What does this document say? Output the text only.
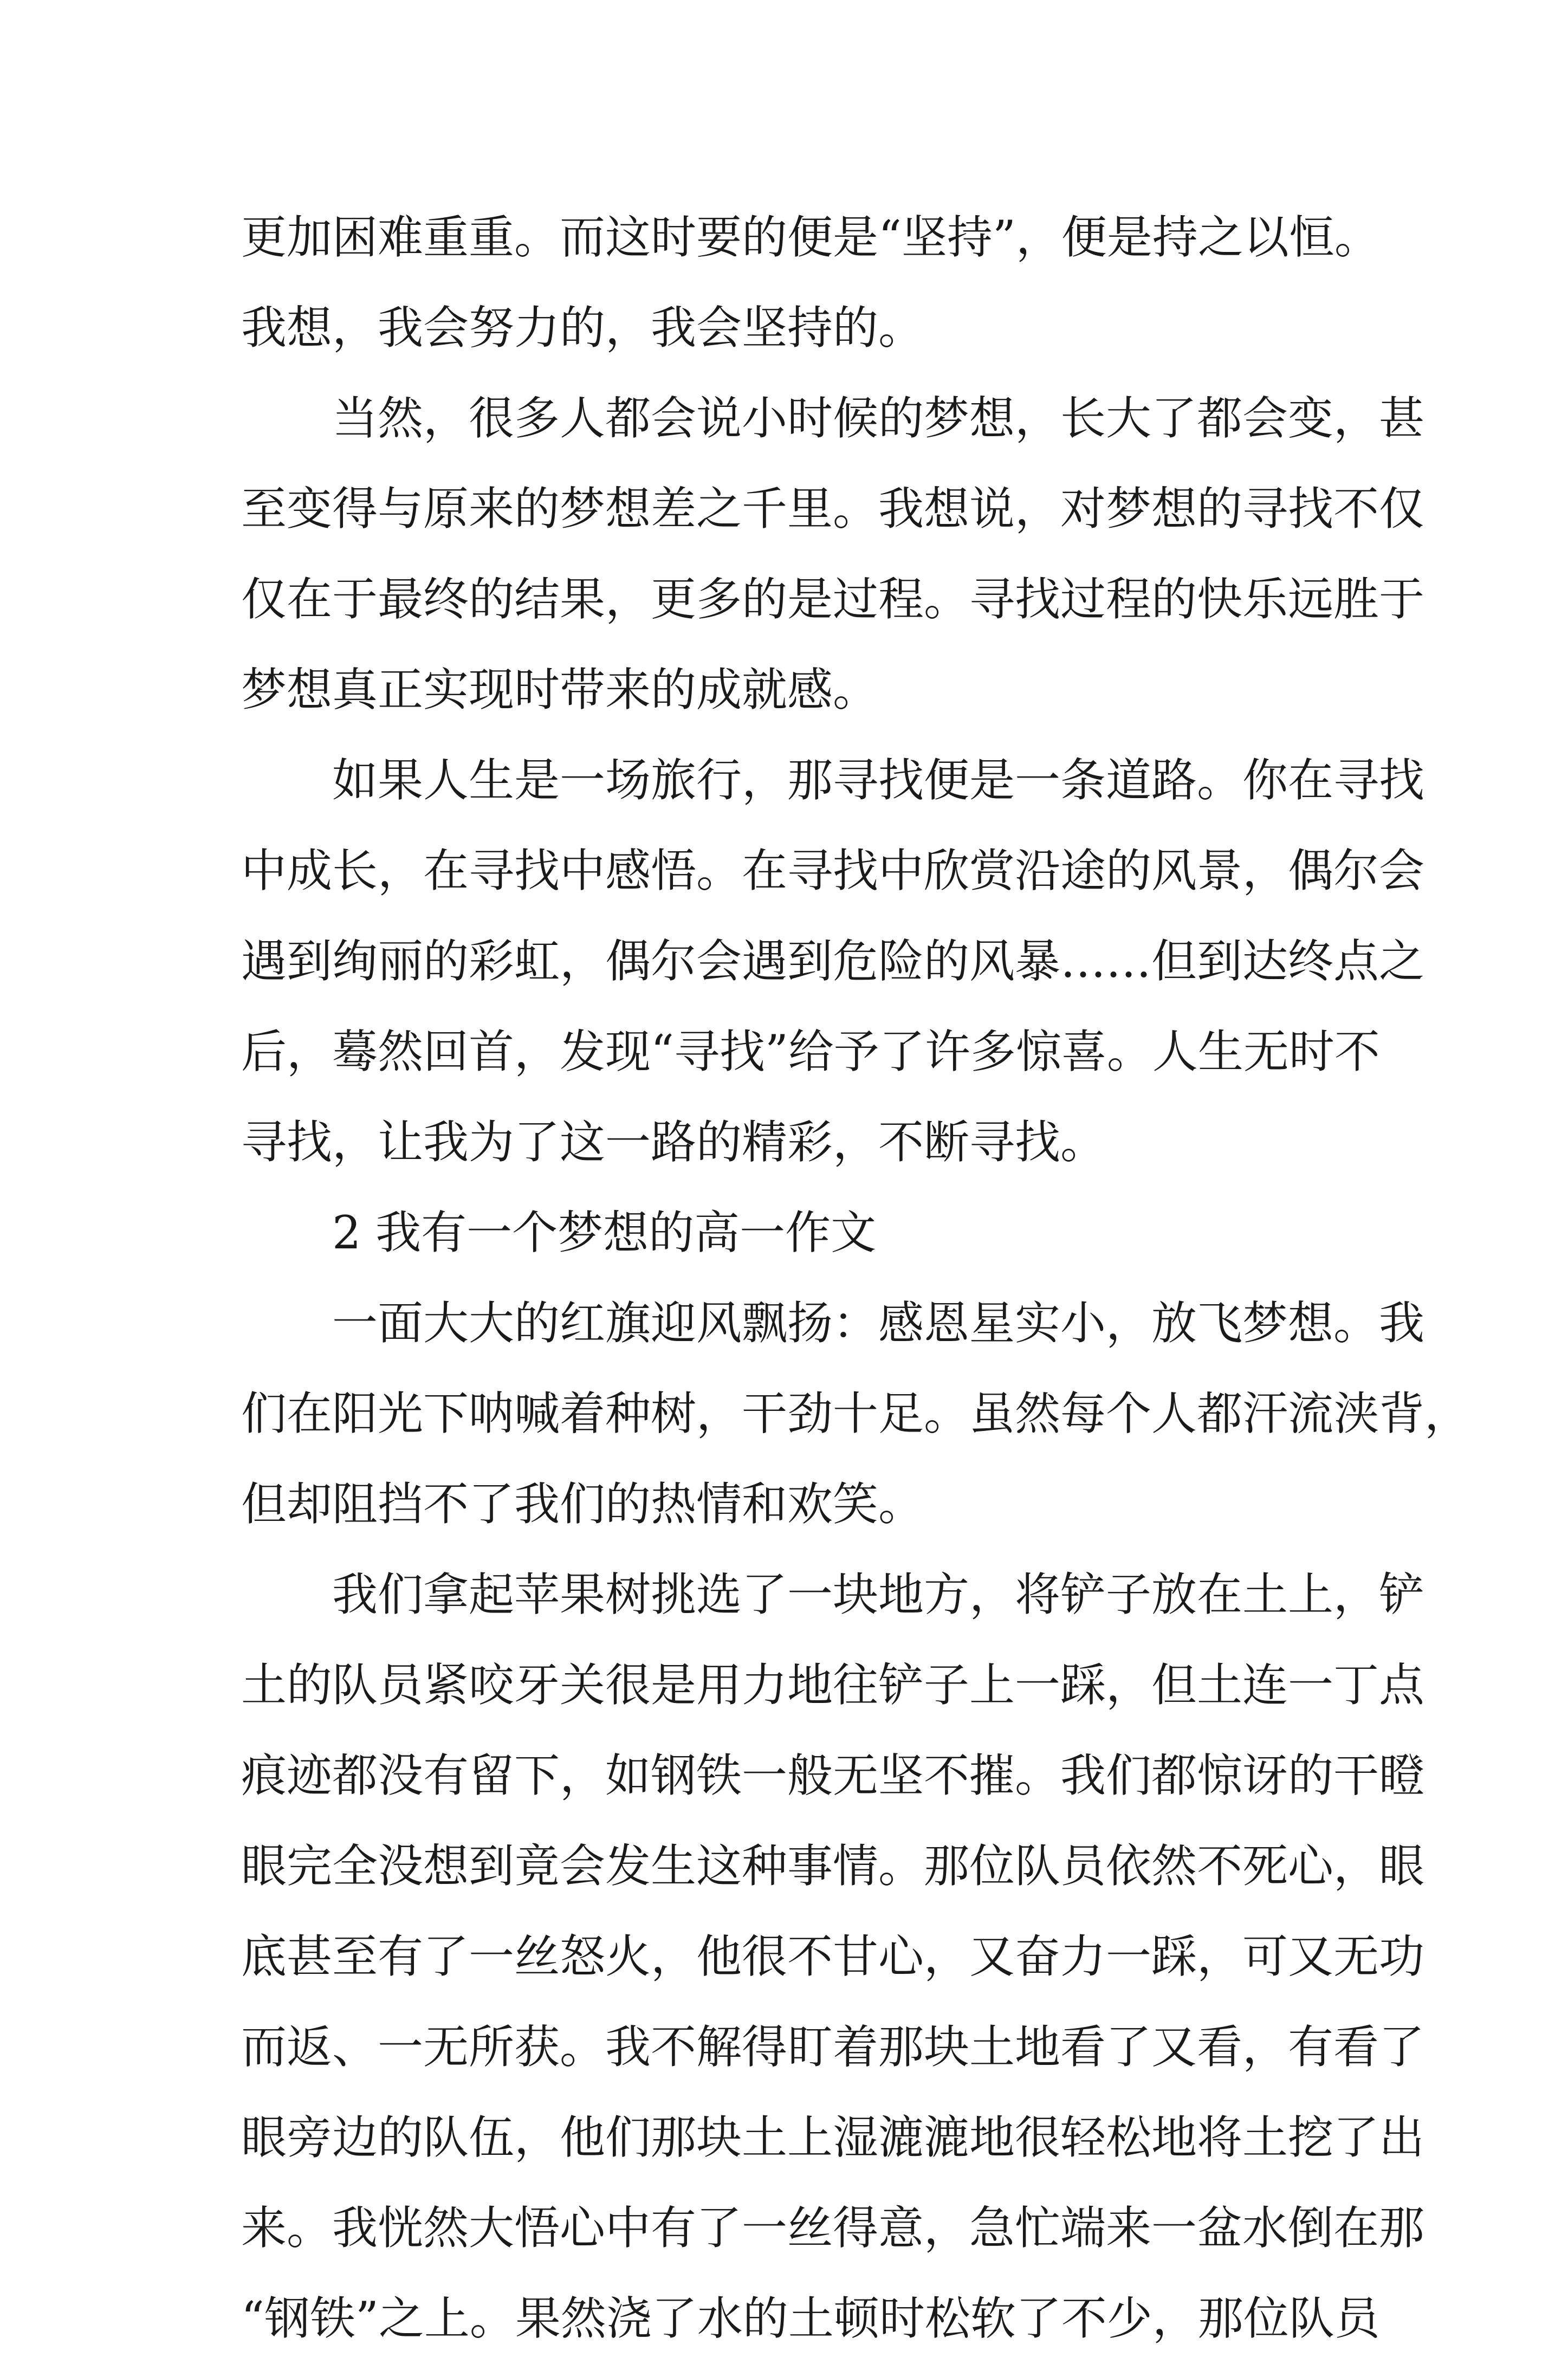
更加困难重重。而这时要的便是“坚持”，便是持之以恒。
我想，我会努力的，我会坚持的。
当然，很多人都会说小时候的梦想，长大了都会变，甚
至变得与原来的梦想差之千里。我想说，对梦想的寻找不仅
仅在于最终的结果，更多的是过程。寻找过程的快乐远胜于
梦想真正实现时带来的成就感。
如果人生是一场旅行，那寻找便是一条道路。你在寻找
中成长，在寻找中感悟。在寻找中欣赏沿途的风景，偶尔会
遇到绚丽的彩虹，偶尔会遇到危险的风暴……但到达终点之
后，蓦然回首，发现“寻找”给予了许多惊喜。人生无时不
寻找，让我为了这一路的精彩，不断寻找。
2 我有一个梦想的高一作文
一面大大的红旗迎风飘扬：感恩星实小，放飞梦想。我
们在阳光下呐喊着种树，干劲十足。虽然每个人都汗流浃背，
但却阻挡不了我们的热情和欢笑。
我们拿起苹果树挑选了一块地方，将铲子放在土上，铲
土的队员紧咬牙关很是用力地往铲子上一踩，但土连一丁点
痕迹都没有留下，如钢铁一般无坚不摧。我们都惊讶的干瞪
眼完全没想到竟会发生这种事情。那位队员依然不死心，眼
底甚至有了一丝怒火，他很不甘心，又奋力一踩，可又无功
而返、一无所获。我不解得盯着那块土地看了又看，有看了
眼旁边的队伍，他们那块土上湿漉漉地很轻松地将土挖了出
来。我恍然大悟心中有了一丝得意，急忙端来一盆水倒在那
“钢铁”之上。果然浇了水的土顿时松软了不少，那位队员
